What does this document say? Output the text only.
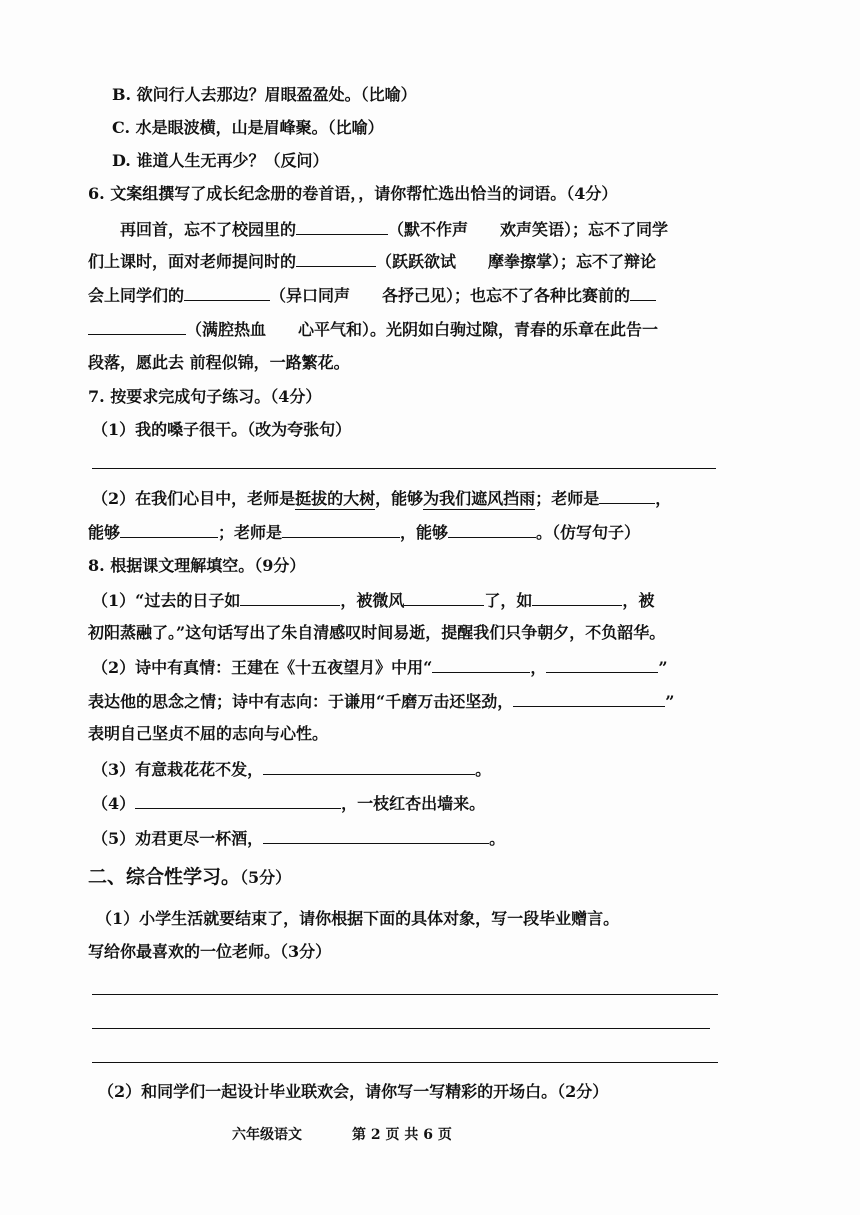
B. 欲问行人去那边？眉眼盈盈处。（比喻）
C. 水是眼波横，山是眉峰聚。（比喻）
D. 谁道人生无再少？（反问）
6. 文案组撰写了成长纪念册的卷首语，，请你帮忙选出恰当的词语。（4分）
再回首，忘不了校园里的	（默不作声　　欢声笑语）；忘不了同学
们上课时，面对老师提问时的	（跃跃欲试　　摩拳擦掌）；忘不了辩论
会上同学们的	（异口同声　　各抒己见）；也忘不了各种比赛前的
（满腔热血　　心平气和）。光阴如白驹过隙，青春的乐章在此告一
段落，愿此去 前程似锦，一路繁花。
7. 按要求完成句子练习。（4分）
（1）我的嗓子很干。（改为夸张句）
（2）在我们心目中，老师是挺拔的大树，能够为我们遮风挡雨；老师是	，
能够	；老师是	，能够	。（仿写句子）
8. 根据课文理解填空。（9分）
（1）“过去的日子如	，被微风	了，如	，被
初阳蒸融了。”这句话写出了朱自清感叹时间易逝，提醒我们只争朝夕，不负韶华。
（2）诗中有真情：王建在《十五夜望月》中用“	，	”
表达他的思念之情；诗中有志向：于谦用“千磨万击还坚劲，	”
表明自己坚贞不屈的志向与心性。
（3）有意栽花花不发，	。
（4）	，一枝红杏出墙来。
（5）劝君更尽一杯酒，	。
二、综合性学习。（5分）
（1）小学生活就要结束了，请你根据下面的具体对象，写一段毕业赠言。
写给你最喜欢的一位老师。（3分）
（2）和同学们一起设计毕业联欢会，请你写一写精彩的开场白。（2分）
六年级语文	第 2 页 共 6 页
